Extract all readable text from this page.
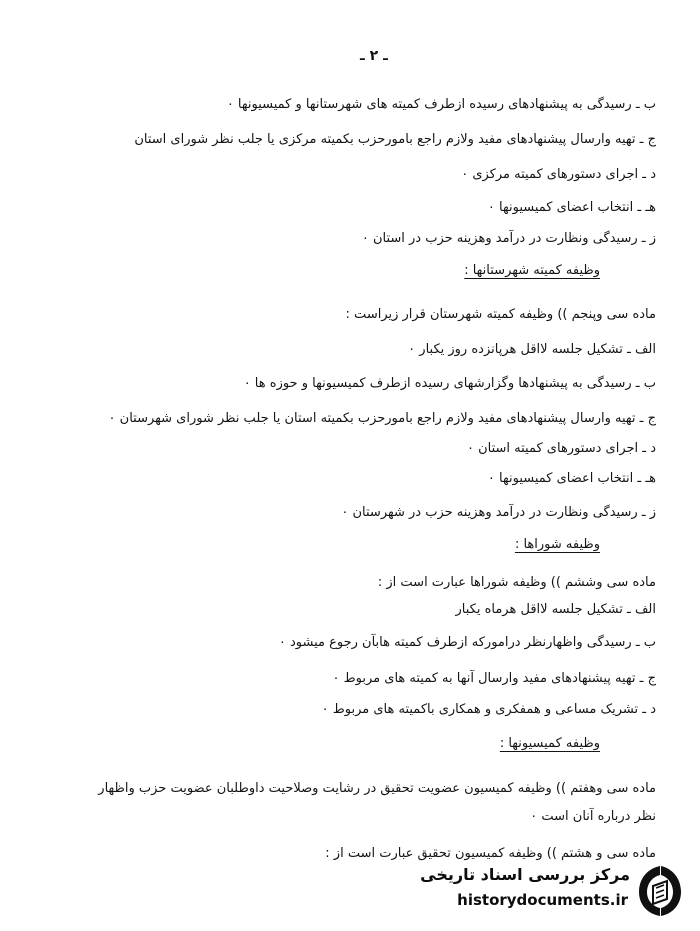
ـ ۲ ـ
ب ـ رسیدگی به پیشنهادهای رسیده ازطرف کمیته های شهرستانها و کمیسیونها ۰
ج ـ تهیه وارسال پیشنهادهای مفید ولازم راجع بامورحزب بکمیته مرکزی یا جلب نظر شورای استان
د ـ اجرای دستورهای کمیته مرکزی ۰
هـ ـ انتخاب اعضای کمیسیونها ۰
ز ـ رسیدگی ونظارت در درآمد وهزینه حزب در استان ۰
وظیفه کمیته شهرستانها :
ماده سی وپنجم )) وظیفه کمیته شهرستان قرار زیراست :
الف ـ تشکیل جلسه لااقل هرپانزده روز یکبار ۰
ب ـ رسیدگی به پیشنهادها وگزارشهای رسیده ازطرف کمیسیونها و حوزه ها ۰
ج ـ تهیه وارسال پیشنهادهای مفید ولازم راجع بامورحزب بکمیته استان یا جلب نظر شورای شهرستان ۰
د ـ اجرای دستورهای کمیته استان ۰
هـ ـ انتخاب اعضای کمیسیونها ۰
ز ـ رسیدگی ونظارت در درآمد وهزینه حزب در شهرستان ۰
وظیفه شوراها :
ماده سی وششم )) وظیفه شوراها عبارت است از :
الف ـ تشکیل جلسه لااقل هرماه یکبار
ب ـ رسیدگی واظهارنظر درامورکه ازطرف کمیته هابآن رجوع میشود ۰
ج ـ تهیه پیشنهادهای مفید وارسال آنها به کمیته های مربوط ۰
د ـ تشریک مساعی و همفکری و همکاری باکمیته های مربوط ۰
وظیفه کمیسیونها :
ماده سی وهفتم )) وظیفه کمیسیون عضویت تحقیق در رشایت وصلاحیت داوطلبان عضویت حزب واظهار
نظر درباره آنان است ۰
ماده سی و هشتم )) وظیفه کمیسیون تحقیق عبارت است از :
مرکز بررسی اسناد تاریخی
historydocuments.ir
